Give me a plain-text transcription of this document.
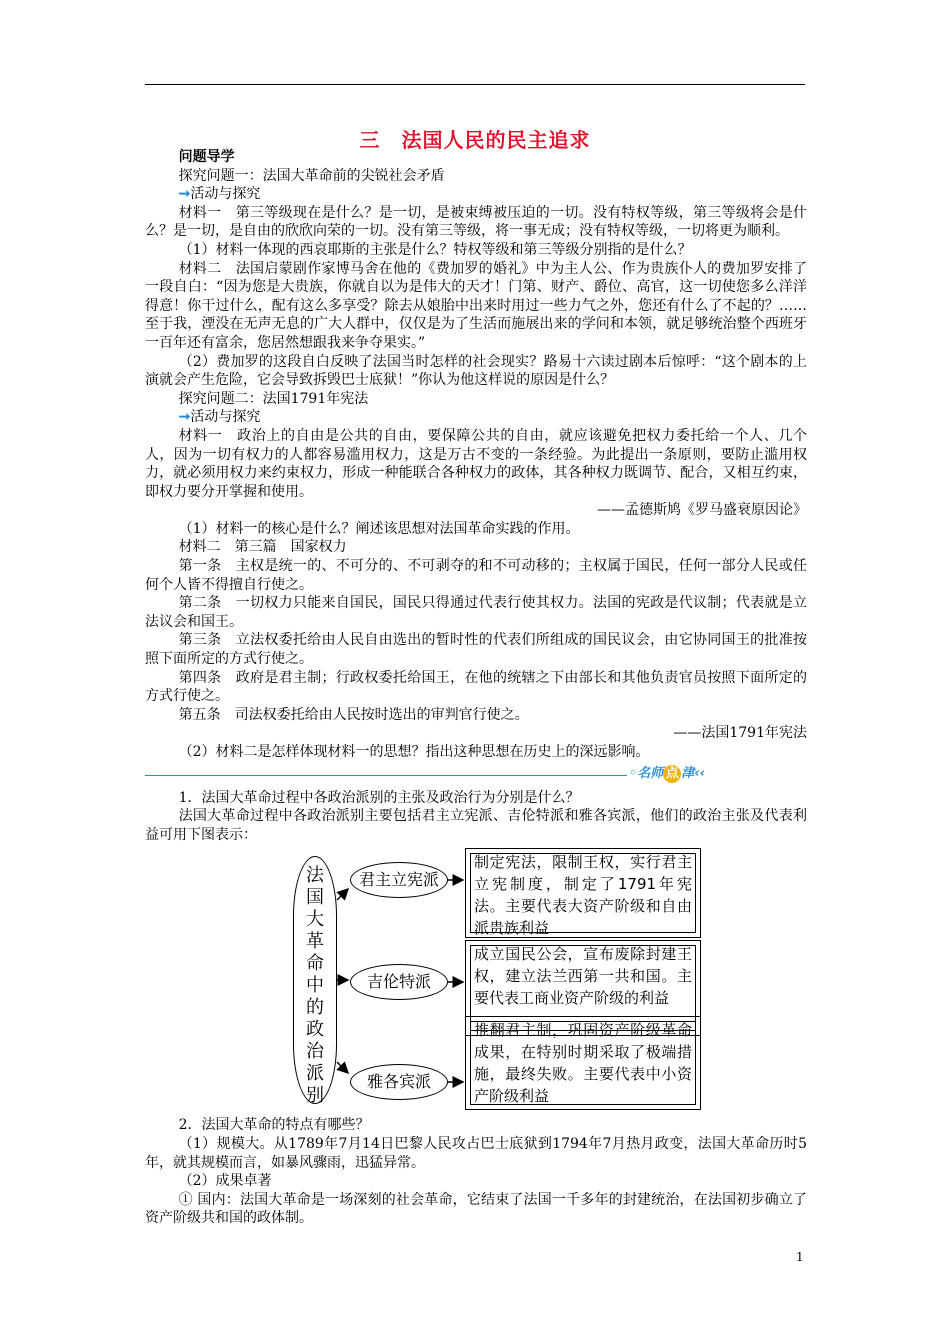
三　法国人民的民主追求

问题导学

探究问题一：法国大革命前的尖锐社会矛盾

➞活动与探究

材料一　第三等级现在是什么？是一切，是被束缚被压迫的一切。没有特权等级，第三等级将会是什么？是一切，是自由的欣欣向荣的一切。没有第三等级，将一事无成；没有特权等级，一切将更为顺利。

（1）材料一体现的西哀耶斯的主张是什么？特权等级和第三等级分别指的是什么？

材料二　法国启蒙剧作家博马舍在他的《费加罗的婚礼》中为主人公、作为贵族仆人的费加罗安排了一段自白：“因为您是大贵族，你就自以为是伟大的天才！门第、财产、爵位、高官，这一切使您多么洋洋得意！你干过什么，配有这么多享受？除去从娘胎中出来时用过一些力气之外，您还有什么了不起的？……至于我，湮没在无声无息的广大人群中，仅仅是为了生活而施展出来的学问和本领，就足够统治整个西班牙一百年还有富余，您居然想跟我来争夺果实。”

（2）费加罗的这段自白反映了法国当时怎样的社会现实？路易十六读过剧本后惊呼：“这个剧本的上演就会产生危险，它会导致拆毁巴士底狱！”你认为他这样说的原因是什么？

探究问题二：法国1791年宪法

➞活动与探究

材料一　政治上的自由是公共的自由，要保障公共的自由，就应该避免把权力委托给一个人、几个人，因为一切有权力的人都容易滥用权力，这是万古不变的一条经验。为此提出一条原则，要防止滥用权力，就必须用权力来约束权力，形成一种能联合各种权力的政体，其各种权力既调节、配合，又相互约束，即权力要分开掌握和使用。

——孟德斯鸠《罗马盛衰原因论》

（1）材料一的核心是什么？阐述该思想对法国革命实践的作用。

材料二　第三篇　国家权力

第一条　主权是统一的、不可分的、不可剥夺的和不可动移的；主权属于国民，任何一部分人民或任何个人皆不得擅自行使之。

第二条　一切权力只能来自国民，国民只得通过代表行使其权力。法国的宪政是代议制；代表就是立法议会和国王。

第三条　立法权委托给由人民自由选出的暂时性的代表们所组成的国民议会，由它协同国王的批准按照下面所定的方式行使之。

第四条　政府是君主制；行政权委托给国王，在他的统辖之下由部长和其他负责官员按照下面所定的方式行使之。

第五条　司法权委托给由人民按时选出的审判官行使之。

——法国1791年宪法

（2）材料二是怎样体现材料一的思想？指出这种思想在历史上的深远影响。

◦名师 点 津‹‹

1．法国大革命过程中各政治派别的主张及政治行为分别是什么？

法国大革命过程中各政治派别主要包括君主立宪派、吉伦特派和雅各宾派，他们的政治主张及代表利益可用下图表示：

法国大革命中的政治派别
君主立宪派
吉伦特派
雅各宾派
制定宪法，限制王权，实行君主立宪制度，制定了1791年宪法。主要代表大资产阶级和自由派贵族利益
成立国民公会，宣布废除封建王权，建立法兰西第一共和国。主要代表工商业资产阶级的利益
推翻君主制，巩固资产阶级革命成果，在特别时期采取了极端措施，最终失败。主要代表中小资产阶级利益

2．法国大革命的特点有哪些？

（1）规模大。从1789年7月14日巴黎人民攻占巴士底狱到1794年7月热月政变，法国大革命历时5年，就其规模而言，如暴风骤雨，迅猛异常。

（2）成果卓著

① 国内：法国大革命是一场深刻的社会革命，它结束了法国一千多年的封建统治，在法国初步确立了资产阶级共和国的政体制。

1
